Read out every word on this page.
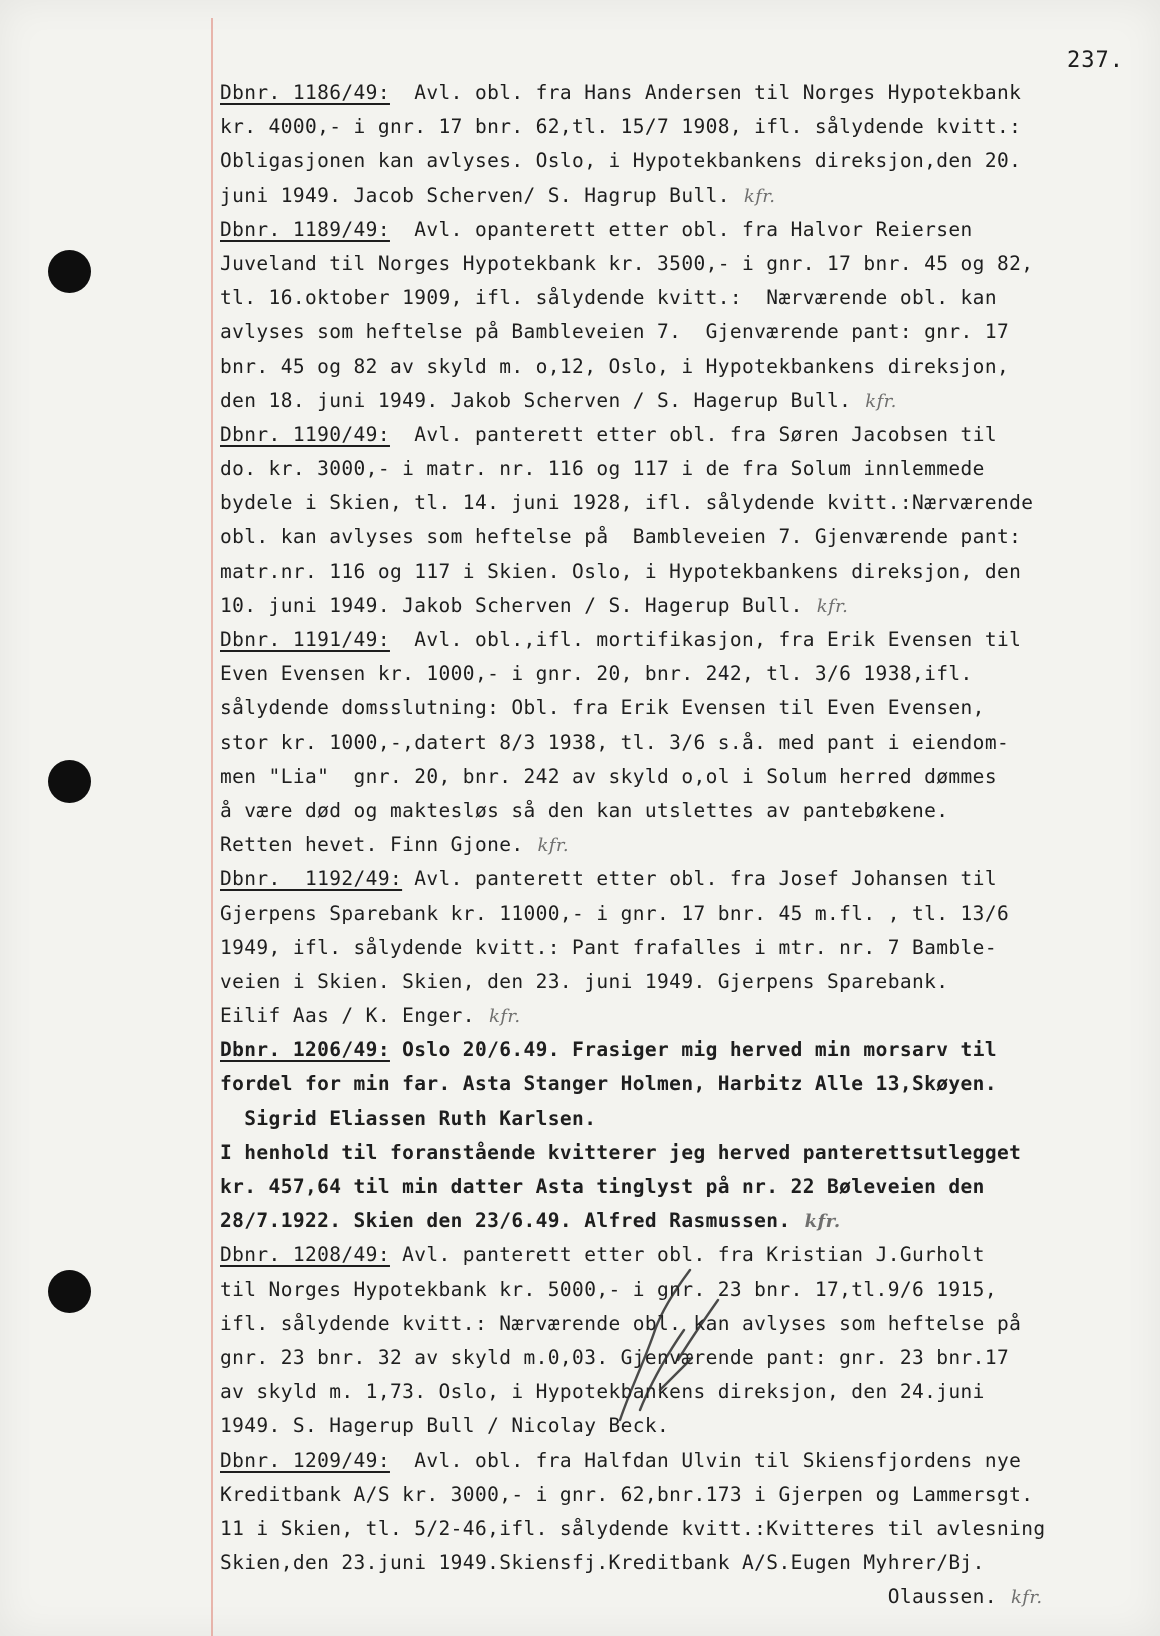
237.
Dbnr. 1186/49:  Avl. obl. fra Hans Andersen til Norges Hypotekbank
kr. 4000,- i gnr. 17 bnr. 62,tl. 15/7 1908, ifl. sålydende kvitt.:
Obligasjonen kan avlyses. Oslo, i Hypotekbankens direksjon,den 20.
juni 1949. Jacob Scherven/ S. Hagrup Bull. kfr.
Dbnr. 1189/49:  Avl. opanterett etter obl. fra Halvor Reiersen
Juveland til Norges Hypotekbank kr. 3500,- i gnr. 17 bnr. 45 og 82,
tl. 16.oktober 1909, ifl. sålydende kvitt.:  Nærværende obl. kan
avlyses som heftelse på Bambleveien 7.  Gjenværende pant: gnr. 17
bnr. 45 og 82 av skyld m. o,12, Oslo, i Hypotekbankens direksjon,
den 18. juni 1949. Jakob Scherven / S. Hagerup Bull. kfr.
Dbnr. 1190/49:  Avl. panterett etter obl. fra Søren Jacobsen til
do. kr. 3000,- i matr. nr. 116 og 117 i de fra Solum innlemmede
bydele i Skien, tl. 14. juni 1928, ifl. sålydende kvitt.:Nærværende
obl. kan avlyses som heftelse på  Bambleveien 7. Gjenværende pant:
matr.nr. 116 og 117 i Skien. Oslo, i Hypotekbankens direksjon, den
10. juni 1949. Jakob Scherven / S. Hagerup Bull. kfr.
Dbnr. 1191/49:  Avl. obl.,ifl. mortifikasjon, fra Erik Evensen til
Even Evensen kr. 1000,- i gnr. 20, bnr. 242, tl. 3/6 1938,ifl.
sålydende domsslutning: Obl. fra Erik Evensen til Even Evensen,
stor kr. 1000,-,datert 8/3 1938, tl. 3/6 s.å. med pant i eiendom-
men "Lia"  gnr. 20, bnr. 242 av skyld o,ol i Solum herred dømmes
å være død og maktesløs så den kan utslettes av pantebøkene.
Retten hevet. Finn Gjone. kfr.
Dbnr.  1192/49: Avl. panterett etter obl. fra Josef Johansen til
Gjerpens Sparebank kr. 11000,- i gnr. 17 bnr. 45 m.fl. , tl. 13/6
1949, ifl. sålydende kvitt.: Pant frafalles i mtr. nr. 7 Bamble-
veien i Skien. Skien, den 23. juni 1949. Gjerpens Sparebank.
Eilif Aas / K. Enger. kfr.
Dbnr. 1206/49: Oslo 20/6.49. Frasiger mig herved min morsarv til
fordel for min far. Asta Stanger Holmen, Harbitz Alle 13,Skøyen.
Sigrid Eliassen Ruth Karlsen.
I henhold til foranstående kvitterer jeg herved panterettsutlegget
kr. 457,64 til min datter Asta tinglyst på nr. 22 Bøleveien den
28/7.1922. Skien den 23/6.49. Alfred Rasmussen. kfr.
Dbnr. 1208/49: Avl. panterett etter obl. fra Kristian J.Gurholt
til Norges Hypotekbank kr. 5000,- i gnr. 23 bnr. 17,tl.9/6 1915,
ifl. sålydende kvitt.: Nærværende obl. kan avlyses som heftelse på
gnr. 23 bnr. 32 av skyld m.0,03. Gjenværende pant: gnr. 23 bnr.17
av skyld m. 1,73. Oslo, i Hypotekbankens direksjon, den 24.juni
1949. S. Hagerup Bull / Nicolay Beck.
Dbnr. 1209/49:  Avl. obl. fra Halfdan Ulvin til Skiensfjordens nye
Kreditbank A/S kr. 3000,- i gnr. 62,bnr.173 i Gjerpen og Lammersgt.
11 i Skien, tl. 5/2-46,ifl. sålydende kvitt.:Kvitteres til avlesning
Skien,den 23.juni 1949.Skiensfj.Kreditbank A/S.Eugen Myhrer/Bj.
Olaussen. kfr.
